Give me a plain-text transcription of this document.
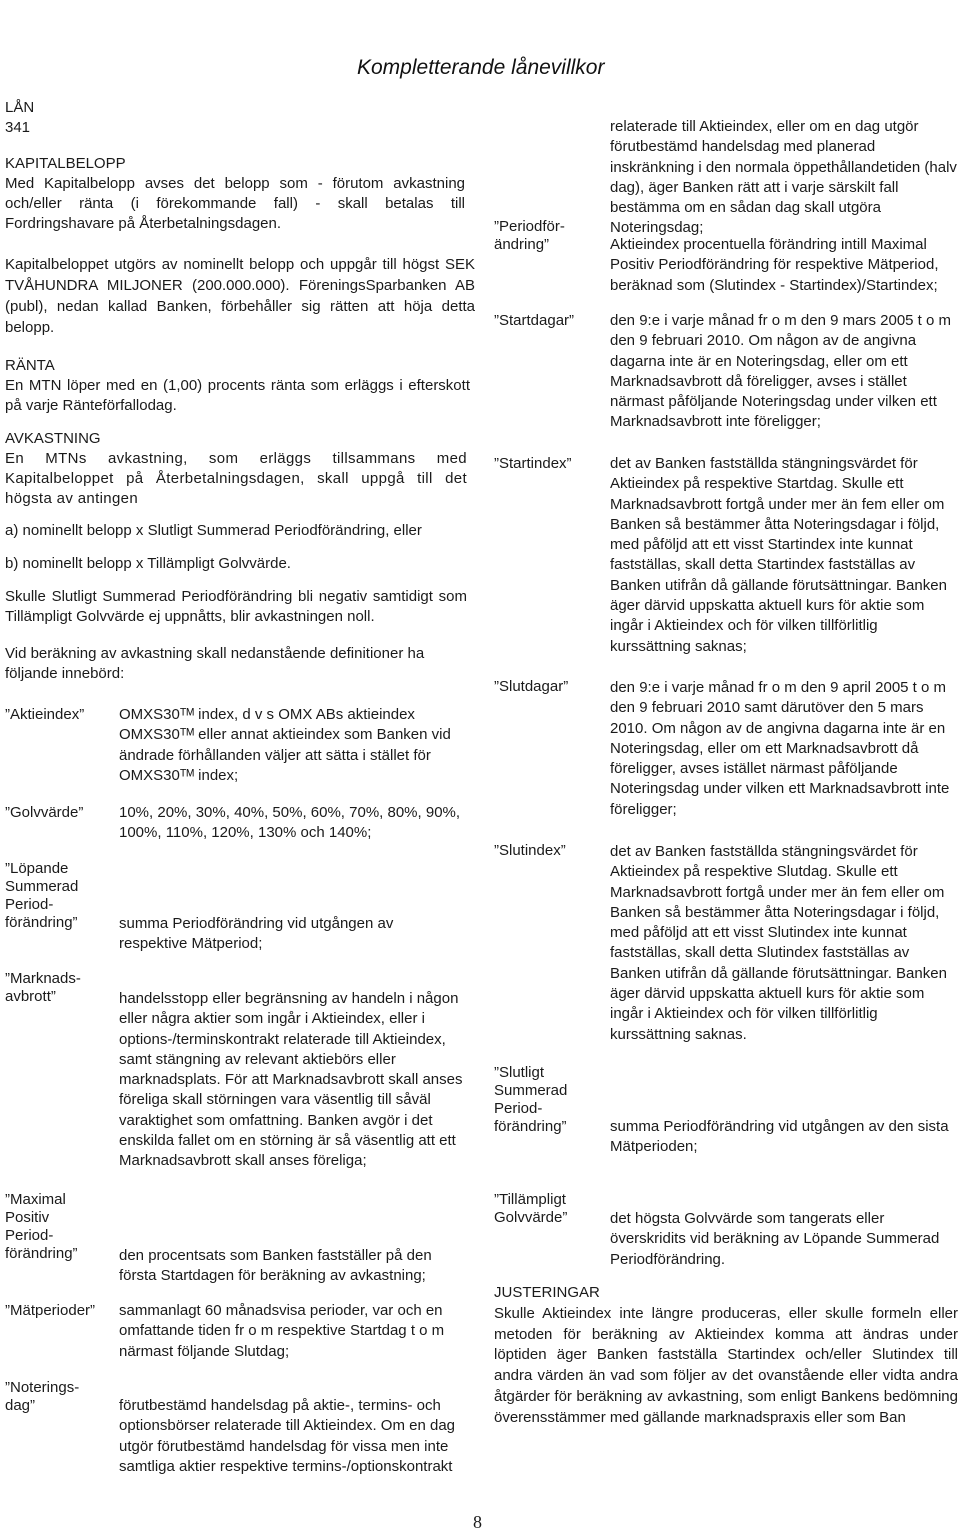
Kompletterande lånevillkor

LÅN

341

KAPITALBELOPP

Med Kapitalbelopp avses det belopp som - förutom avkastning och/eller ränta (i förekommande fall) - skall betalas till Fordringshavare på Återbetalningsdagen.

Kapitalbeloppet utgörs av nominellt belopp och uppgår till högst SEK TVÅHUNDRA MILJONER (200.000.000). FöreningsSparbanken AB (publ), nedan kallad Banken, förbehåller sig rätten att höja detta belopp.

RÄNTA

En MTN löper med en (1,00) procents ränta som erläggs i efterskott på varje Ränteförfallodag.

AVKASTNING

En MTNs avkastning, som erläggs tillsammans med Kapitalbeloppet på Återbetalningsdagen, skall uppgå till det högsta av antingen

a) nominellt belopp x Slutligt Summerad Periodförändring, eller

b) nominellt belopp x Tillämpligt Golvvärde.

Skulle Slutligt Summerad Periodförändring bli negativ samtidigt som Tillämpligt Golvvärde ej uppnåtts, blir avkastningen noll.

Vid beräkning av avkastning skall nedanstående definitioner ha följande innebörd:

”Aktieindex”	OMXS30ᵀᴹ index, d v s OMX ABs aktieindex OMXS30ᵀᴹ eller annat aktieindex som Banken vid ändrade förhållanden väljer att sätta i stället för OMXS30ᵀᴹ index;
”Golvvärde”	10%, 20%, 30%, 40%, 50%, 60%, 70%, 80%, 90%, 100%, 110%, 120%, 130% och 140%;
”Löpande Summerad Period-förändring”	summa Periodförändring vid utgången av respektive Mätperiod;
”Marknads-avbrott”	handelsstopp eller begränsning av handeln i någon eller några aktier som ingår i Aktieindex, eller i options-/terminskontrakt relaterade till Aktieindex, samt stängning av relevant aktiebörs eller marknadsplats. För att Marknadsavbrott skall anses föreliga skall störningen vara väsentlig till såväl varaktighet som omfattning. Banken avgör i det enskilda fallet om en störning är så väsentlig att ett Marknadsavbrott skall anses föreliga;
”Maximal Positiv Period-förändring”	den procentsats som Banken fastställer på den första Startdagen för beräkning av avkastning;
”Mätperioder”	sammanlagt 60 månadsvisa perioder, var och en omfattande tiden fr o m respektive Startdag t o m närmast följande Slutdag;
”Noterings-dag”	förutbestämd handelsdag på aktie-, termins- och optionsbörser relaterade till Aktieindex. Om en dag utgör förutbestämd handelsdag för vissa men inte samtliga aktier respektive termins-/optionskontrakt
relaterade till Aktieindex, eller om en dag utgör förutbestämd handelsdag med planerad inskränkning i den normala öppethållandetiden (halv dag), äger Banken rätt att i varje särskilt fall bestämma om en sådan dag skall utgöra Noteringsdag;
”Periodför-ändring”	Aktieindex procentuella förändring intill Maximal Positiv Periodförändring för respektive Mätperiod, beräknad som (Slutindex - Startindex)/Startindex;
”Startdagar”	den 9:e i varje månad fr o m den 9 mars 2005 t o m den 9 februari 2010. Om någon av de angivna dagarna inte är en Noteringsdag, eller om ett Marknadsavbrott då föreligger, avses i stället närmast påföljande Noteringsdag under vilken ett Marknadsavbrott inte föreligger;
”Startindex”	det av Banken fastställda stängningsvärdet för Aktieindex på respektive Startdag. Skulle ett Marknadsavbrott fortgå under mer än fem eller om Banken så bestämmer åtta Noteringsdagar i följd, med påföljd att ett visst Startindex inte kunnat fastställas, skall detta Startindex fastställas av Banken utifrån då gällande förutsättningar. Banken äger därvid uppskatta aktuell kurs för aktie som ingår i Aktieindex och för vilken tillförlitlig kurssättning saknas;
”Slutdagar”	den 9:e i varje månad fr o m den 9 april 2005 t o m den 9 februari 2010 samt därutöver den 5 mars 2010. Om någon av de angivna dagarna inte är en Noteringsdag, eller om ett Marknadsavbrott då föreligger, avses istället närmast påföljande Noteringsdag under vilken ett Marknadsavbrott inte föreligger;
”Slutindex”	det av Banken fastställda stängningsvärdet för Aktieindex på respektive Slutdag. Skulle ett Marknadsavbrott fortgå under mer än fem eller om Banken så bestämmer åtta Noteringsdagar i följd, med påföljd att ett visst Slutindex inte kunnat fastställas, skall detta Slutindex fastställas av Banken utifrån då gällande förutsättningar. Banken äger därvid uppskatta aktuell kurs för aktie som ingår i Aktieindex och för vilken tillförlitlig kurssättning saknas.
”Slutligt Summerad Period-förändring”	summa Periodförändring vid utgången av den sista Mätperioden;
”Tillämpligt Golvvärde”	det högsta Golvvärde som tangerats eller överskridits vid beräkning av Löpande Summerad Periodförändring.

JUSTERINGAR

Skulle Aktieindex inte längre produceras, eller skulle formeln eller metoden för beräkning av Aktieindex komma att ändras under löptiden äger Banken fastställa Startindex och/eller Slutindex till andra värden än vad som följer av det ovanstående eller vidta andra åtgärder för beräkning av avkastning, som enligt Bankens bedömning överensstämmer med gällande marknadspraxis eller som Ban

8
